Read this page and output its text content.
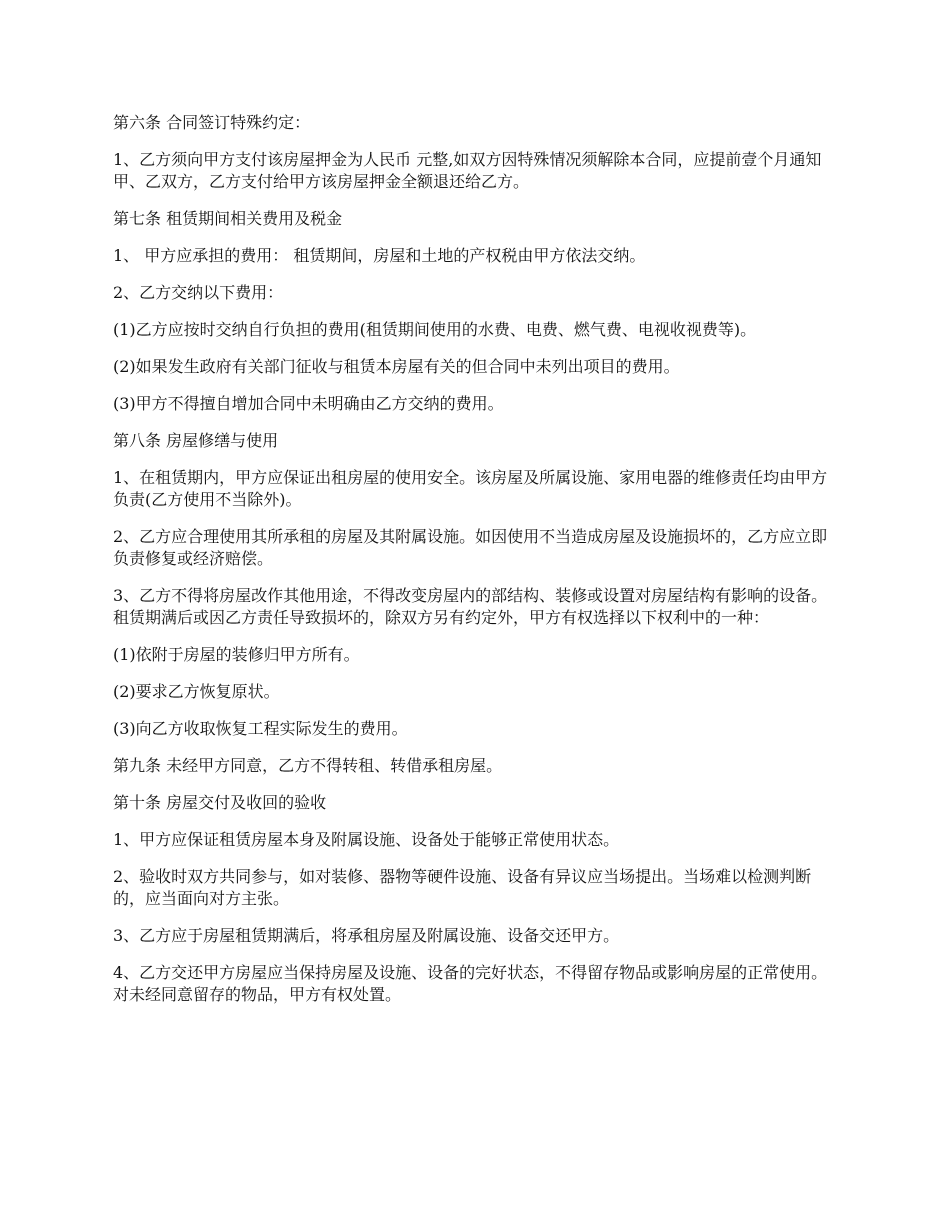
第六条 合同签订特殊约定：

1、乙方须向甲方支付该房屋押金为人民币 元整,如双方因特殊情况须解除本合同，应提前壹个月通知甲、乙双方，乙方支付给甲方该房屋押金全额退还给乙方。

第七条 租赁期间相关费用及税金

1、 甲方应承担的费用： 租赁期间，房屋和土地的产权税由甲方依法交纳。

2、乙方交纳以下费用：

(1)乙方应按时交纳自行负担的费用(租赁期间使用的水费、电费、燃气费、电视收视费等)。

(2)如果发生政府有关部门征收与租赁本房屋有关的但合同中未列出项目的费用。

(3)甲方不得擅自增加合同中未明确由乙方交纳的费用。

第八条 房屋修缮与使用

1、在租赁期内，甲方应保证出租房屋的使用安全。该房屋及所属设施、家用电器的维修责任均由甲方负责(乙方使用不当除外)。

2、乙方应合理使用其所承租的房屋及其附属设施。如因使用不当造成房屋及设施损坏的，乙方应立即负责修复或经济赔偿。

3、乙方不得将房屋改作其他用途，不得改变房屋内的部结构、装修或设置对房屋结构有影响的设备。租赁期满后或因乙方责任导致损坏的，除双方另有约定外，甲方有权选择以下权利中的一种：

(1)依附于房屋的装修归甲方所有。

(2)要求乙方恢复原状。

(3)向乙方收取恢复工程实际发生的费用。

第九条 未经甲方同意，乙方不得转租、转借承租房屋。

第十条 房屋交付及收回的验收

1、甲方应保证租赁房屋本身及附属设施、设备处于能够正常使用状态。

2、验收时双方共同参与，如对装修、器物等硬件设施、设备有异议应当场提出。当场难以检测判断的，应当面向对方主张。

3、乙方应于房屋租赁期满后，将承租房屋及附属设施、设备交还甲方。

4、乙方交还甲方房屋应当保持房屋及设施、设备的完好状态，不得留存物品或影响房屋的正常使用。对未经同意留存的物品，甲方有权处置。
